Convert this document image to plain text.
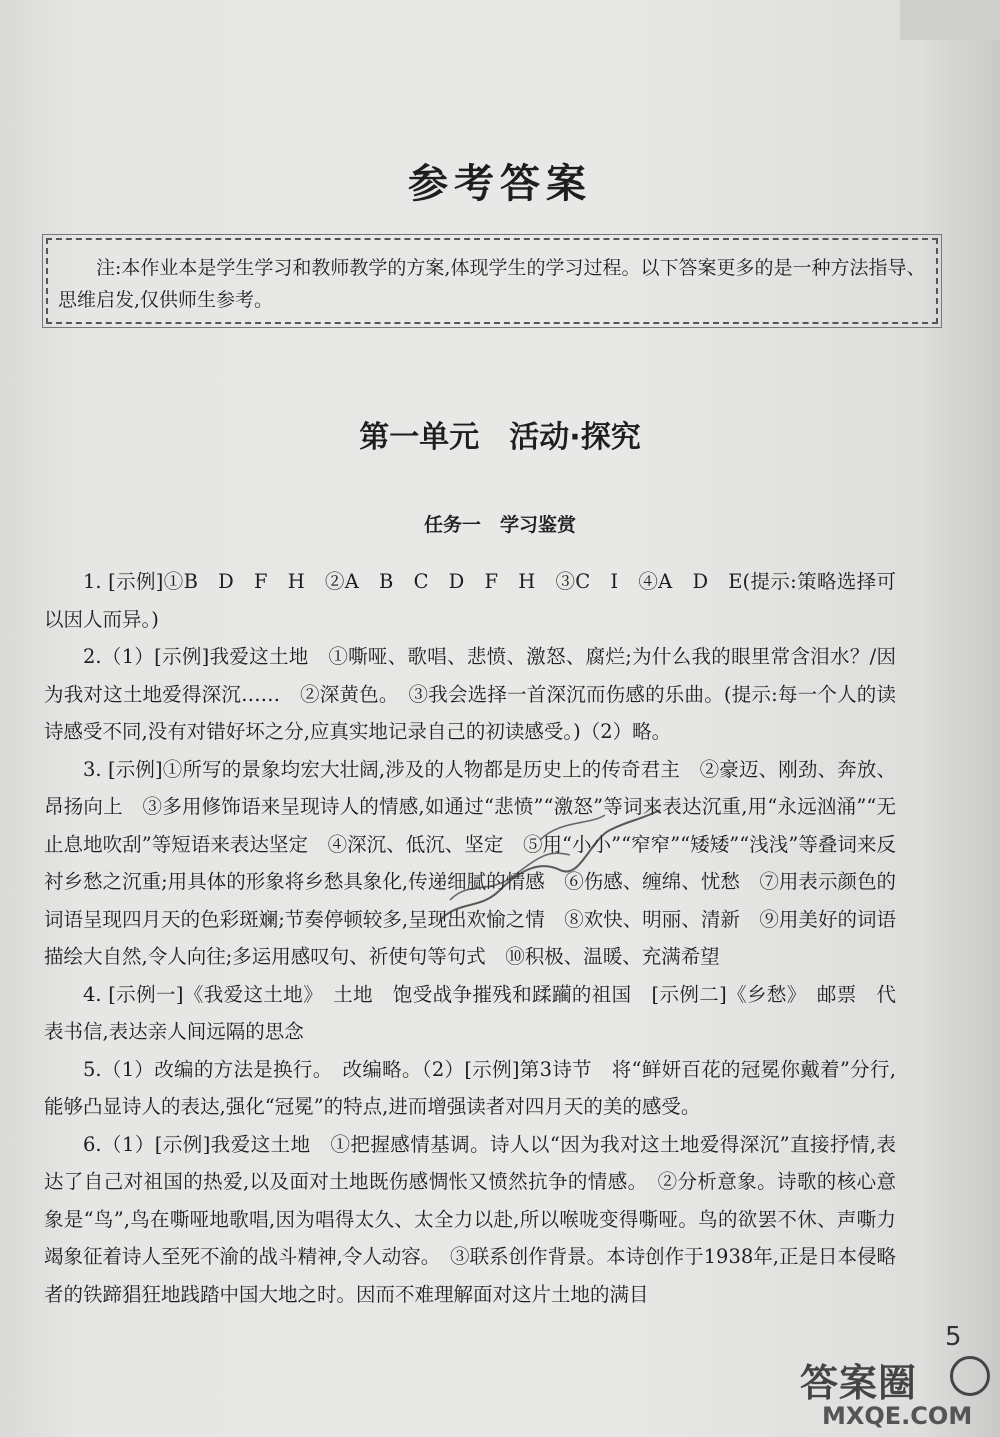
参考答案

注:本作业本是学生学习和教师教学的方案,体现学生的学习过程。以下答案更多的是一种方法指导、思维启发,仅供师生参考。

第一单元　活动·探究
任务一　学习鉴赏

1. [示例]①B　D　F　H　②A　B　C　D　F　H　③C　I　④A　D　E(提示:策略选择可以因人而异。)

2.（1）[示例]我爱这土地　①嘶哑、歌唱、悲愤、激怒、腐烂;为什么我的眼里常含泪水？/因为我对这土地爱得深沉……　②深黄色。　③我会选择一首深沉而伤感的乐曲。(提示:每一个人的读诗感受不同,没有对错好坏之分,应真实地记录自己的初读感受。)（2）略。

3. [示例]①所写的景象均宏大壮阔,涉及的人物都是历史上的传奇君主　②豪迈、刚劲、奔放、昂扬向上　③多用修饰语来呈现诗人的情感,如通过“悲愤”“激怒”等词来表达沉重,用“永远汹涌”“无止息地吹刮”等短语来表达坚定　④深沉、低沉、坚定　⑤用“小小”“窄窄”“矮矮”“浅浅”等叠词来反衬乡愁之沉重;用具体的形象将乡愁具象化,传递细腻的情感　⑥伤感、缠绵、忧愁　⑦用表示颜色的词语呈现四月天的色彩斑斓;节奏停顿较多,呈现出欢愉之情　⑧欢快、明丽、清新　⑨用美好的词语描绘大自然,令人向往;多运用感叹句、祈使句等句式　⑩积极、温暖、充满希望

4. [示例一]《我爱这土地》　土地　饱受战争摧残和蹂躏的祖国　[示例二]《乡愁》　邮票　代表书信,表达亲人间远隔的思念

5.（1）改编的方法是换行。　改编略。（2）[示例]第3诗节　将“鲜妍百花的冠冕你戴着”分行,能够凸显诗人的表达,强化“冠冕”的特点,进而增强读者对四月天的美的感受。

6.（1）[示例]我爱这土地　①把握感情基调。诗人以“因为我对这土地爱得深沉”直接抒情,表达了自己对祖国的热爱,以及面对土地既伤感惆怅又愤然抗争的情感。　②分析意象。诗歌的核心意象是“鸟”,鸟在嘶哑地歌唱,因为唱得太久、太全力以赴,所以喉咙变得嘶哑。鸟的欲罢不休、声嘶力竭象征着诗人至死不渝的战斗精神,令人动容。　③联系创作背景。本诗创作于1938年,正是日本侵略者的铁蹄猖狂地践踏中国大地之时。因而不难理解面对这片土地的满目

5
答案圈
MXQE.COM
